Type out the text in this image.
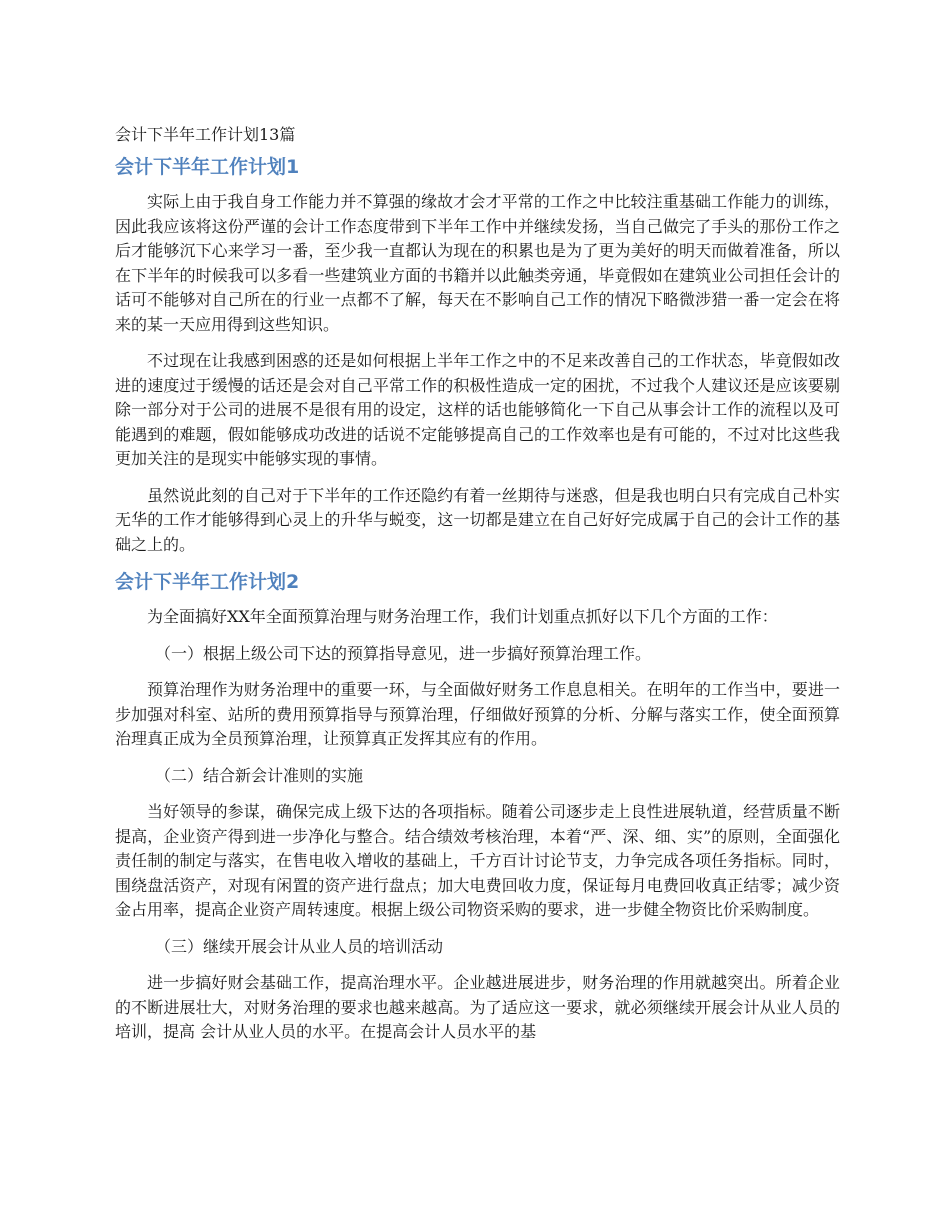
会计下半年工作计划13篇
会计下半年工作计划1

实际上由于我自身工作能力并不算强的缘故才会才平常的工作之中比较注重基础工作能力的训练，因此我应该将这份严谨的会计工作态度带到下半年工作中并继续发扬，当自己做完了手头的那份工作之后才能够沉下心来学习一番，至少我一直都认为现在的积累也是为了更为美好的明天而做着准备，所以在下半年的时候我可以多看一些建筑业方面的书籍并以此触类旁通，毕竟假如在建筑业公司担任会计的话可不能够对自己所在的行业一点都不了解，每天在不影响自己工作的情况下略微涉猎一番一定会在将来的某一天应用得到这些知识。

不过现在让我感到困惑的还是如何根据上半年工作之中的不足来改善自己的工作状态，毕竟假如改进的速度过于缓慢的话还是会对自己平常工作的积极性造成一定的困扰，不过我个人建议还是应该要剔除一部分对于公司的进展不是很有用的设定，这样的话也能够简化一下自己从事会计工作的流程以及可能遇到的难题，假如能够成功改进的话说不定能够提高自己的工作效率也是有可能的，不过对比这些我更加关注的是现实中能够实现的事情。

虽然说此刻的自己对于下半年的工作还隐约有着一丝期待与迷惑，但是我也明白只有完成自己朴实无华的工作才能够得到心灵上的升华与蜕变，这一切都是建立在自己好好完成属于自己的会计工作的基础之上的。

会计下半年工作计划2

为全面搞好XX年全面预算治理与财务治理工作，我们计划重点抓好以下几个方面的工作：

（一）根据上级公司下达的预算指导意见，进一步搞好预算治理工作。

预算治理作为财务治理中的重要一环，与全面做好财务工作息息相关。在明年的工作当中，要进一步加强对科室、站所的费用预算指导与预算治理，仔细做好预算的分析、分解与落实工作，使全面预算治理真正成为全员预算治理，让预算真正发挥其应有的作用。

（二）结合新会计准则的实施

当好领导的参谋，确保完成上级下达的各项指标。随着公司逐步走上良性进展轨道，经营质量不断提高，企业资产得到进一步净化与整合。结合绩效考核治理，本着“严、深、细、实”的原则，全面强化责任制的制定与落实，在售电收入增收的基础上，千方百计讨论节支，力争完成各项任务指标。同时，围绕盘活资产，对现有闲置的资产进行盘点；加大电费回收力度，保证每月电费回收真正结零；减少资金占用率，提高企业资产周转速度。根据上级公司物资采购的要求，进一步健全物资比价采购制度。

（三）继续开展会计从业人员的培训活动

进一步搞好财会基础工作，提高治理水平。企业越进展进步，财务治理的作用就越突出。所着企业的不断进展壮大，对财务治理的要求也越来越高。为了适应这一要求，就必须继续开展会计从业人员的培训，提高 会计从业人员的水平。在提高会计人员水平的基
